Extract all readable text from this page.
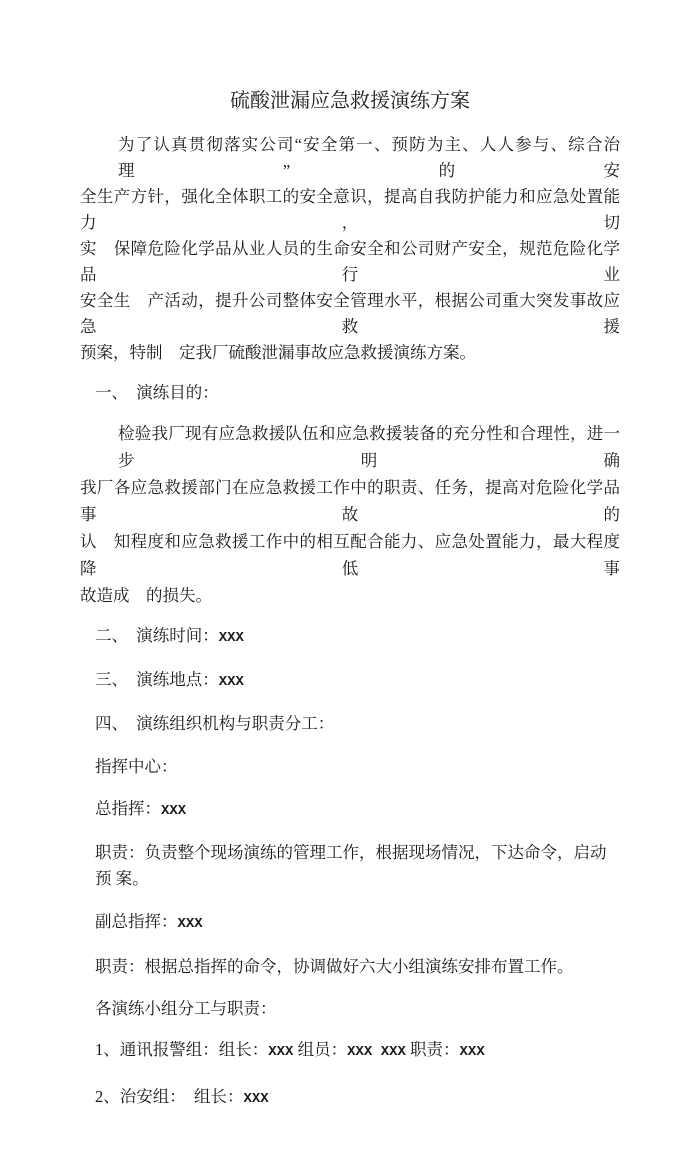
硫酸泄漏应急救援演练方案
为了认真贯彻落实公司“安全第一、预防为主、人人参与、综合治理”的安
全生产方针，强化全体职工的安全意识，提高自我防护能力和应急处置能力，切
实　保障危险化学品从业人员的生命安全和公司财产安全，规范危险化学品行业
安全生　产活动，提升公司整体安全管理水平，根据公司重大突发事故应急救援
预案，特制　定我厂硫酸泄漏事故应急救援演练方案。
一、　演练目的：
检验我厂现有应急救援队伍和应急救援装备的充分性和合理性，进一步明确
我厂各应急救援部门在应急救援工作中的职责、任务，提高对危险化学品事故的
认　知程度和应急救援工作中的相互配合能力、应急处置能力，最大程度降低事
故造成　的损失。
二、　演练时间：XXX
三、　演练地点：XXX
四、　演练组织机构与职责分工：
指挥中心：
总指挥：XXX
职责：负责整个现场演练的管理工作，根据现场情况，下达命令，启动预 案。
副总指挥：XXX
职责：根据总指挥的命令，协调做好六大小组演练安排布置工作。
各演练小组分工与职责：
1、通讯报警组：组长：XXX 组员：XXX XXX 职责：XXX
2、治安组：　组长：XXX
